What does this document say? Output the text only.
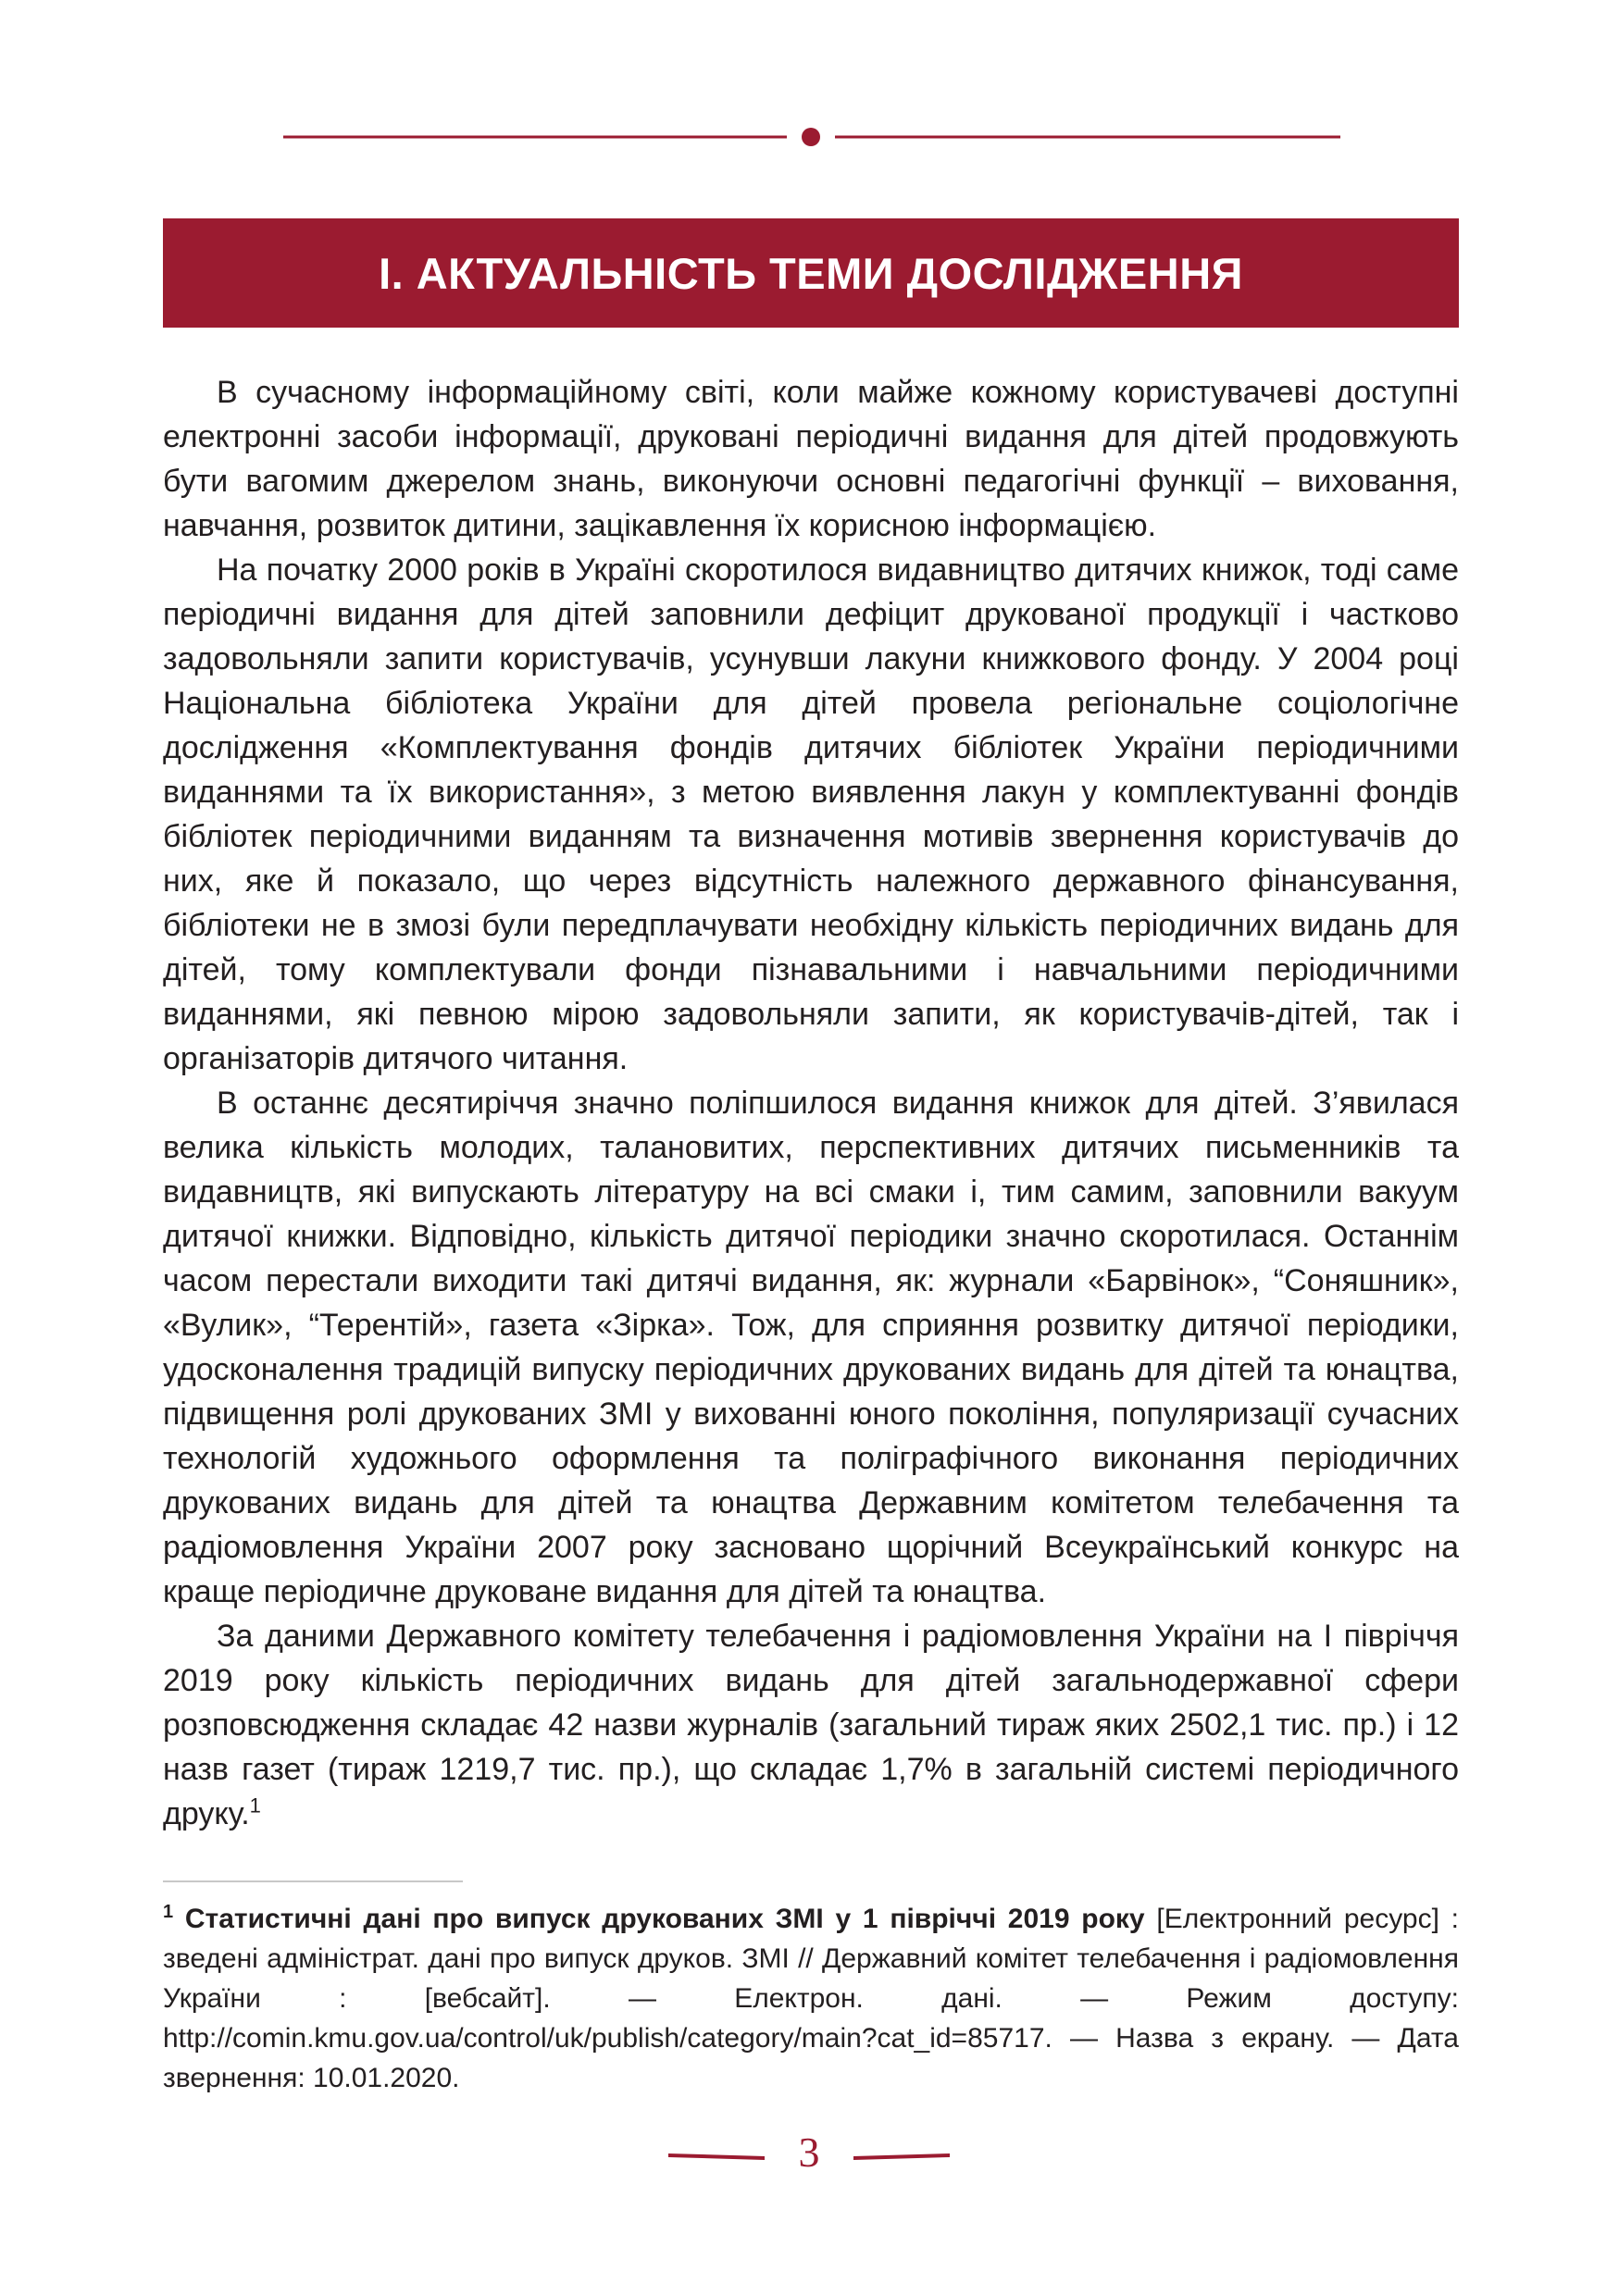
І. АКТУАЛЬНІСТЬ ТЕМИ ДОСЛІДЖЕННЯ

В сучасному інформаційному світі, коли майже кожному користувачеві доступні електронні засоби інформації, друковані періодичні видання для дітей продовжують бути вагомим джерелом знань, виконуючи основні педагогічні функції – виховання, навчання, розвиток дитини, зацікавлення їх корисною інформацією.

На початку 2000 років в Україні скоротилося видавництво дитячих книжок, тоді саме періодичні видання для дітей заповнили дефіцит друкованої продукції і частково задовольняли запити користувачів, усунувши лакуни книжкового фонду. У 2004 році Національна бібліотека України для дітей провела регіональне соціологічне дослідження «Комплектування фондів дитячих бібліотек України періодичними виданнями та їх використання», з метою виявлення лакун у комплектуванні фондів бібліотек періодичними виданням та визначення мотивів звернення користувачів до них, яке й показало, що через відсутність належного державного фінансування, бібліотеки не в змозі були передплачувати необхідну кількість періодичних видань для дітей, тому комплектували фонди пізнавальними і навчальними періодичними виданнями, які певною мірою задовольняли запити, як користувачів-дітей, так і організаторів дитячого читання.

В останнє десятиріччя значно поліпшилося видання книжок для дітей. З’явилася велика кількість молодих, талановитих, перспективних дитячих письменників та видавництв, які випускають літературу на всі смаки і, тим самим, заповнили вакуум дитячої книжки. Відповідно, кількість дитячої періодики значно скоротилася. Останнім часом перестали виходити такі дитячі видання, як: журнали «Барвінок», “Соняшник», «Вулик», “Терентій», газета «Зірка». Тож, для сприяння розвитку дитячої періодики, удосконалення традицій випуску періодичних друкованих видань для дітей та юнацтва, підвищення ролі друкованих ЗМІ у вихованні юного покоління, популяризації сучасних технологій художнього оформлення та поліграфічного виконання періодичних друкованих видань для дітей та юнацтва Державним комітетом телебачення та радіомовлення України 2007 року засновано щорічний Всеукраїнський конкурс на краще періодичне друковане видання для дітей та юнацтва.

За даними Державного комітету телебачення і радіомовлення України на І півріччя 2019 року кількість періодичних видань для дітей загальнодержавної сфери розповсюдження складає 42 назви журналів (загальний тираж яких 2502,1 тис. пр.) і 12 назв газет (тираж 1219,7 тис. пр.), що складає 1,7% в загальній системі періодичного друку.$^1$

$^1$ Статистичні дані про випуск друкованих ЗМІ у 1 півріччі 2019 року [Електронний ресурс] : зведені адміністрат. дані про випуск друков. ЗМІ // Державний комітет телебачення і радіомовлення України : [вебсайт]. — Електрон. дані. — Режим доступу: http://comin.kmu.gov.ua/control/uk/publish/category/main?cat_id=85717. — Назва з екрану. — Дата звернення: 10.01.2020.

3
